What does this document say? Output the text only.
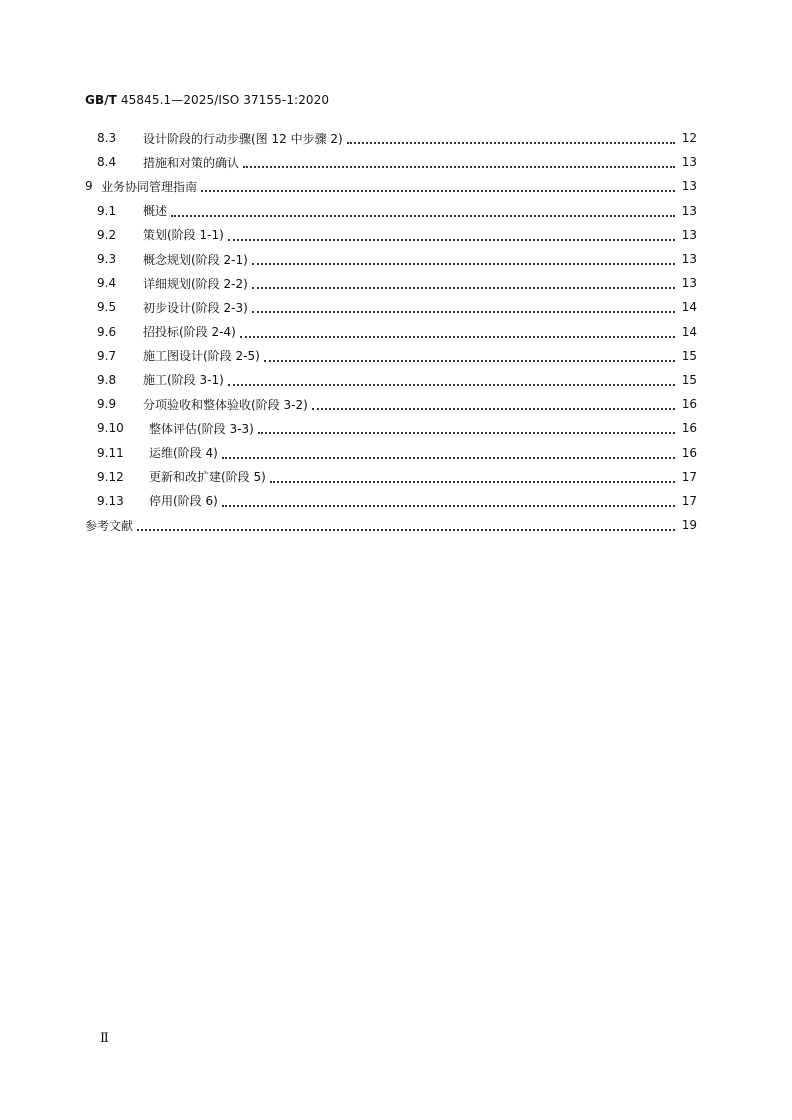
GB/T 45845.1—2025/ISO 37155-1:2020
8.3	设计阶段的行动步骤(图 12 中步骤 2)	12
8.4	措施和对策的确认	13
9 业务协同管理指南	13
9.1	概述	13
9.2	策划(阶段 1-1)	13
9.3	概念规划(阶段 2-1)	13
9.4	详细规划(阶段 2-2)	13
9.5	初步设计(阶段 2-3)	14
9.6	招投标(阶段 2-4)	14
9.7	施工图设计(阶段 2-5)	15
9.8	施工(阶段 3-1)	15
9.9	分项验收和整体验收(阶段 3-2)	16
9.10	整体评估(阶段 3-3)	16
9.11	运维(阶段 4)	16
9.12	更新和改扩建(阶段 5)	17
9.13	停用(阶段 6)	17
参考文献	19
Ⅱ
